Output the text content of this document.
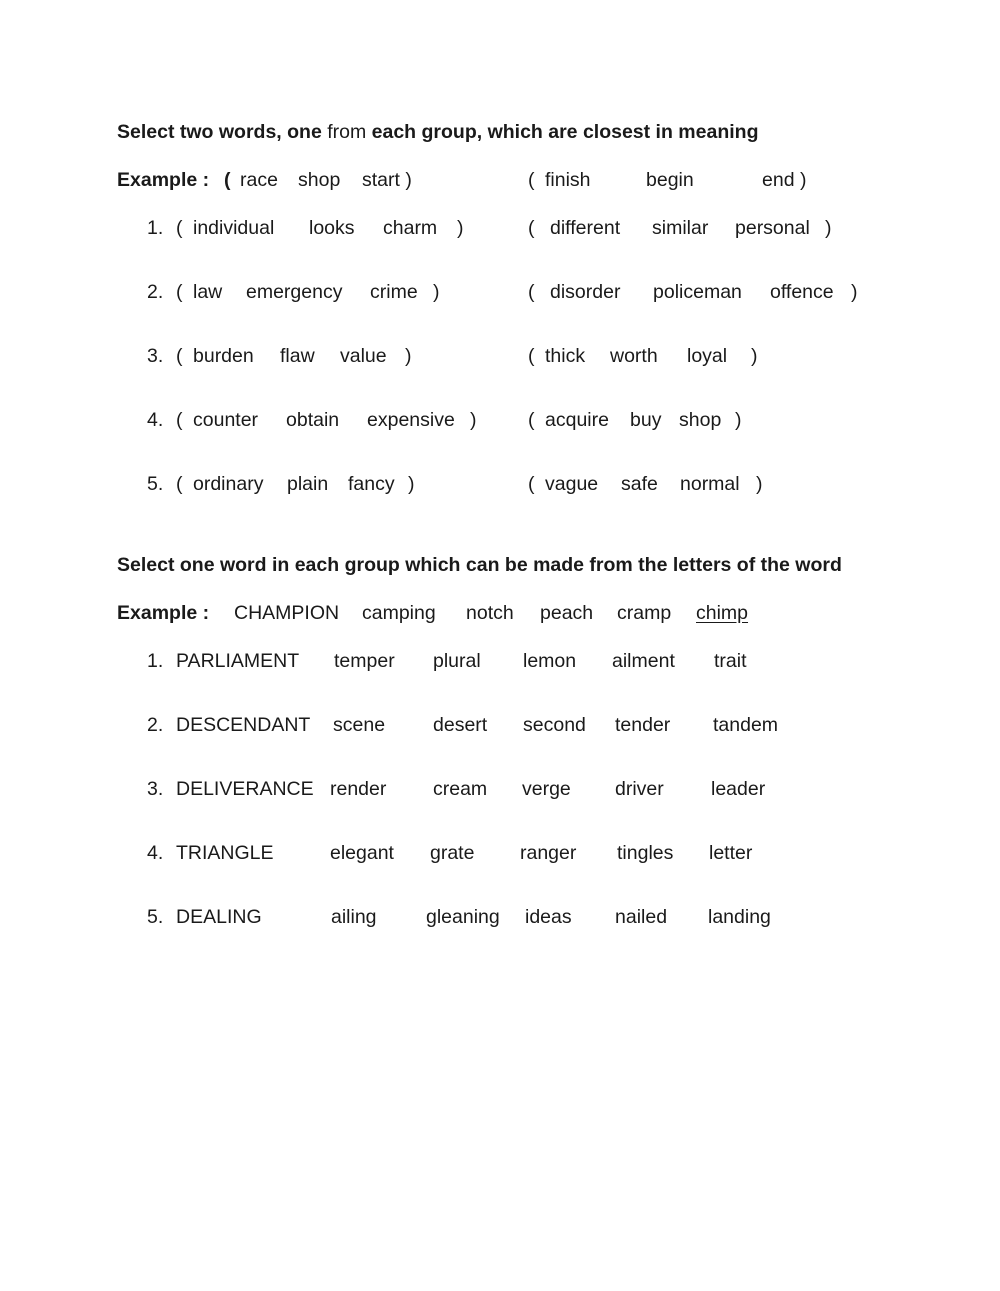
Select two words, one from each group, which are closest in meaning
Example : ( race shop start )	( finish	begin	end )
1. ( individual looks charm )	( different similar personal )
2. ( law emergency crime )	( disorder policeman offence )
3. ( burden flaw value )	( thick worth loyal )
4. ( counter obtain expensive )	( acquire buy shop )
5. ( ordinary plain fancy )	( vague safe normal )
Select one word in each group which can be made from the letters of the word
Example : CHAMPION camping notch peach cramp chimp
1. PARLIAMENT temper plural lemon ailment trait
2. DESCENDANT scene desert second tender tandem
3. DELIVERANCE render cream verge driver leader
4. TRIANGLE	elegant grate ranger tingles letter
5. DEALING	ailing	gleaning ideas nailed landing
